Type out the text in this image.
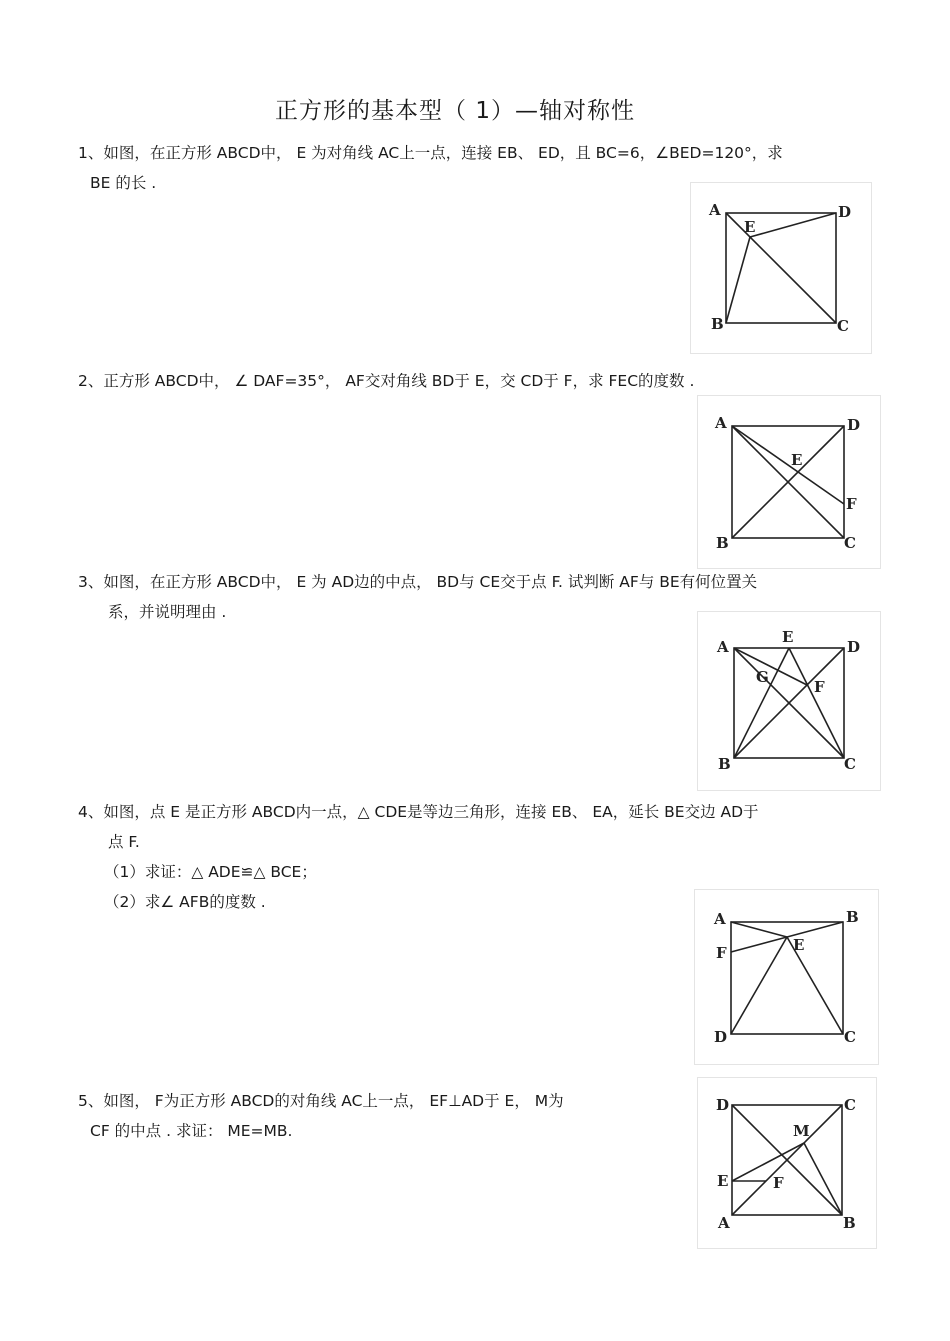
正方形的基本型（ 1）—轴对称性
1、如图，在正方形 ABCD中， E 为对角线 AC上一点，连接 EB、 ED，且 BC=6，∠BED=120°，求
BE 的长 .
A	D
E
B	C
2、正方形 ABCD中， ∠ DAF=35°， AF交对角线 BD于 E，交 CD于 F，求 FEC的度数 .
A	D
E
F
B	C
3、如图，在正方形 ABCD中， E 为 AD边的中点， BD与 CE交于点 F. 试判断 AF与 BE有何位置关
系，并说明理由 .
A
E
D
G
F
B	C
4、如图，点 E 是正方形 ABCD内一点，△ CDE是等边三角形，连接 EB、 EA，延长 BE交边 AD于
点 F.
（1）求证：△ ADE≌△ BCE；
（2）求∠ AFB的度数 .
A	B
F	E
D	C
5、如图， F为正方形 ABCD的对角线 AC上一点， EF⊥AD于 E， M为
CF 的中点 . 求证： ME=MB.
D	C
M
E	F
A	B
